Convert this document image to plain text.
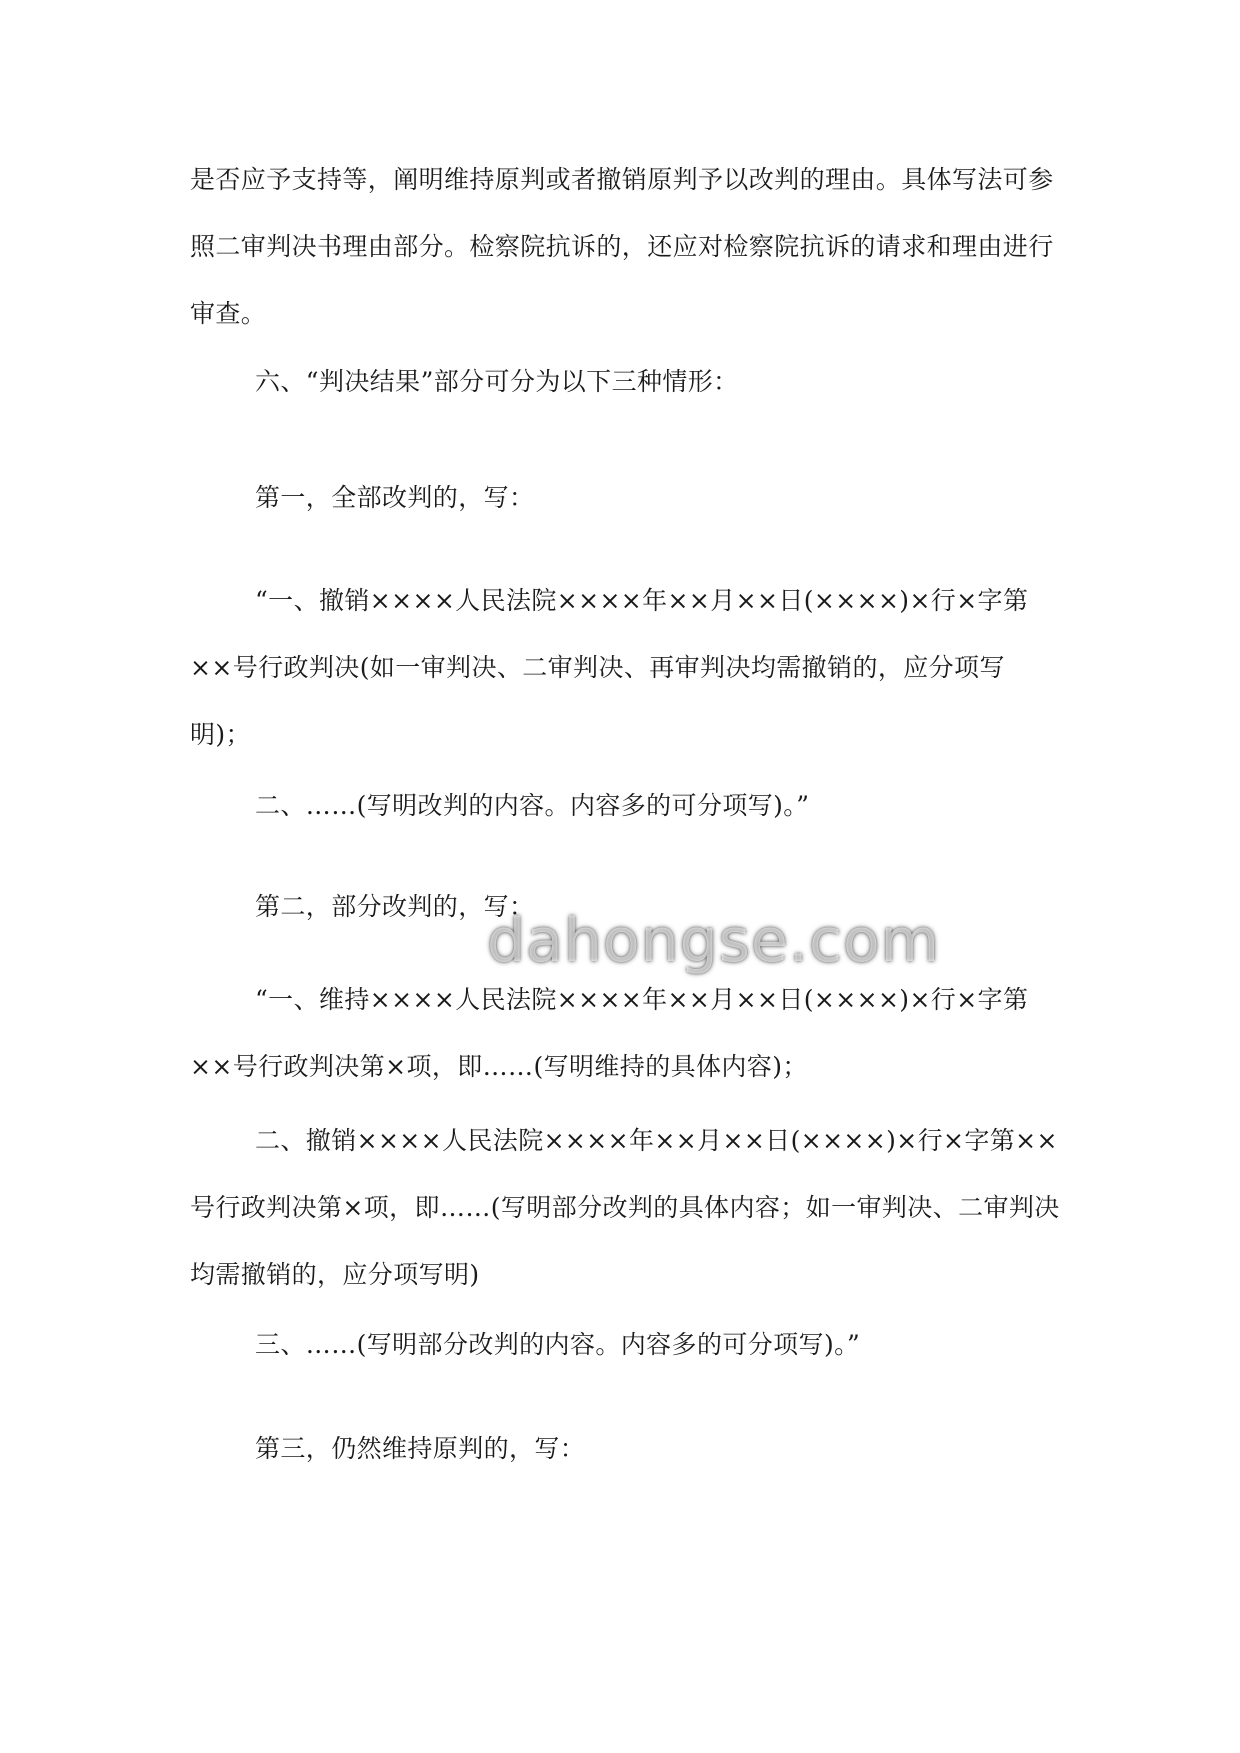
是否应予支持等，阐明维持原判或者撤销原判予以改判的理由。具体写法可参照二审判决书理由部分。检察院抗诉的，还应对检察院抗诉的请求和理由进行审查。

六、“判决结果”部分可分为以下三种情形：

第一，全部改判的，写：

“一、撤销××××人民法院××××年××月××日(××××)×行×字第××号行政判决(如一审判决、二审判决、再审判决均需撤销的，应分项写明)；

二、……(写明改判的内容。内容多的可分项写)。”

第二，部分改判的，写：

“一、维持××××人民法院××××年××月××日(××××)×行×字第××号行政判决第×项，即……(写明维持的具体内容)；

二、撤销××××人民法院××××年××月××日(××××)×行×字第××号行政判决第×项，即……(写明部分改判的具体内容；如一审判决、二审判决均需撤销的，应分项写明)

三、……(写明部分改判的内容。内容多的可分项写)。”

第三，仍然维持原判的，写：

dahongse.com
